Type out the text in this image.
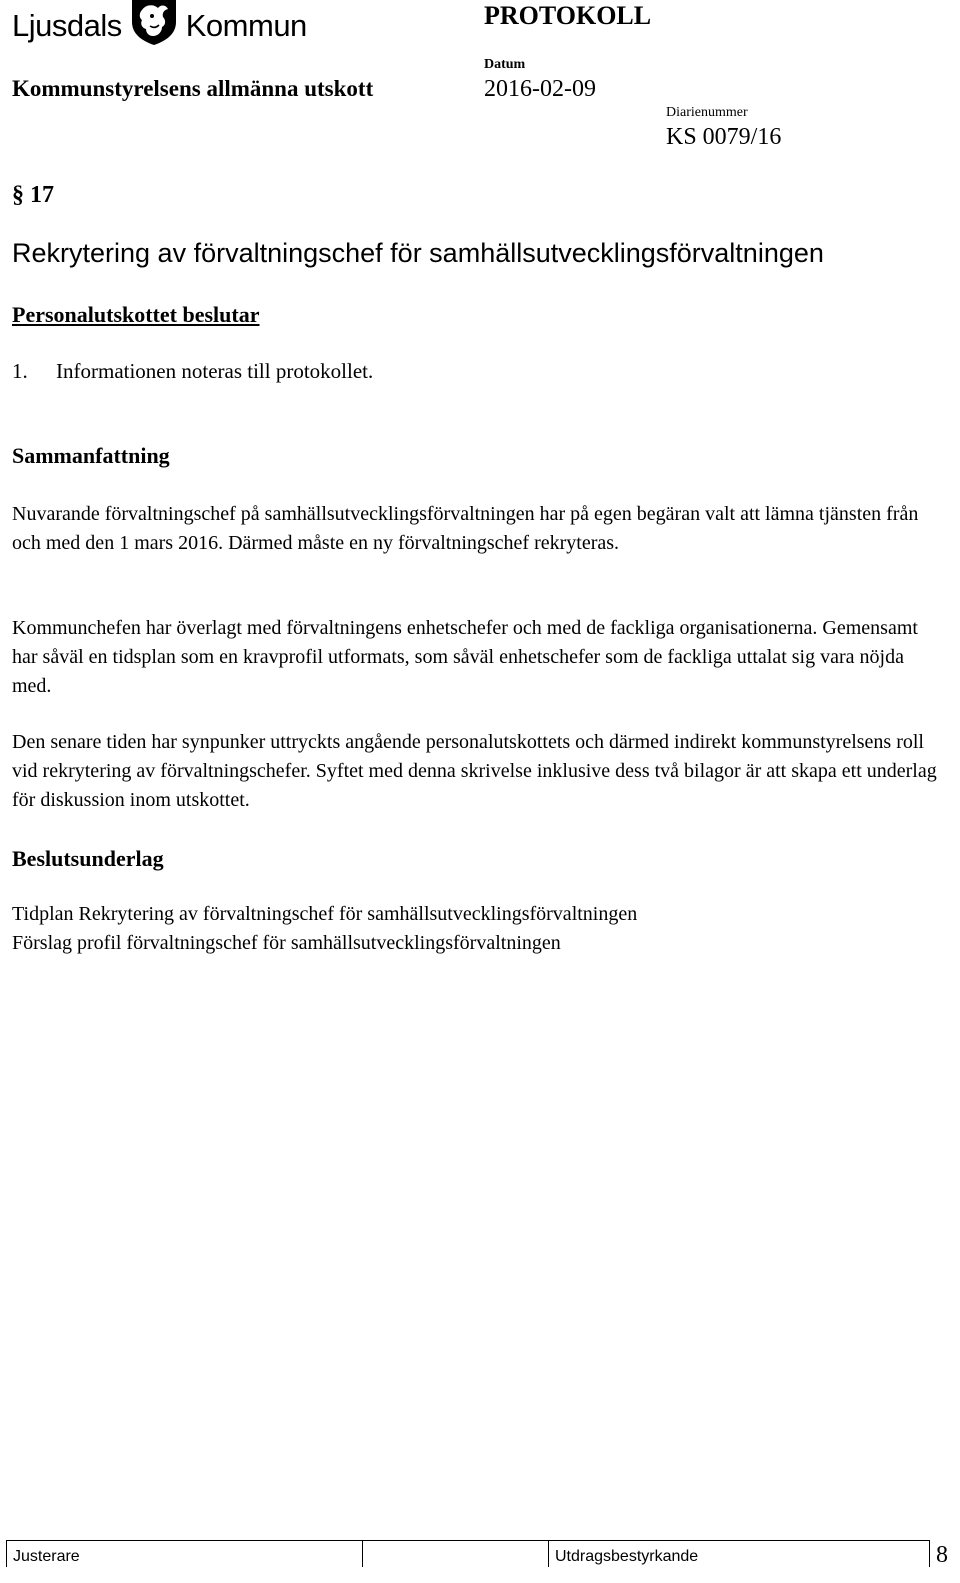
Ljusdals Kommun	PROTOKOLL
Kommunstyrelsens allmänna utskott
Datum
2016-02-09
Diarienummer
KS 0079/16
§ 17
Rekrytering av förvaltningschef för samhällsutvecklingsförvaltningen
Personalutskottet beslutar
1. Informationen noteras till protokollet.
Sammanfattning

Nuvarande förvaltningschef på samhällsutvecklingsförvaltningen har på egen begäran valt att lämna tjänsten från och med den 1 mars 2016. Därmed måste en ny förvaltningschef rekryteras.

Kommunchefen har överlagt med förvaltningens enhetschefer och med de fackliga organisationerna. Gemensamt har såväl en tidsplan som en kravprofil utformats, som såväl enhetschefer som de fackliga uttalat sig vara nöjda med.

Den senare tiden har synpunker uttryckts angående personalutskottets och därmed indirekt kommunstyrelsens roll vid rekrytering av förvaltningschefer. Syftet med denna skrivelse inklusive dess två bilagor är att skapa ett underlag för diskussion inom utskottet.

Beslutsunderlag
Tidplan Rekrytering av förvaltningschef för samhällsutvecklingsförvaltningen
Förslag profil förvaltningschef för samhällsutvecklingsförvaltningen
Justerare	Utdragsbestyrkande	8
